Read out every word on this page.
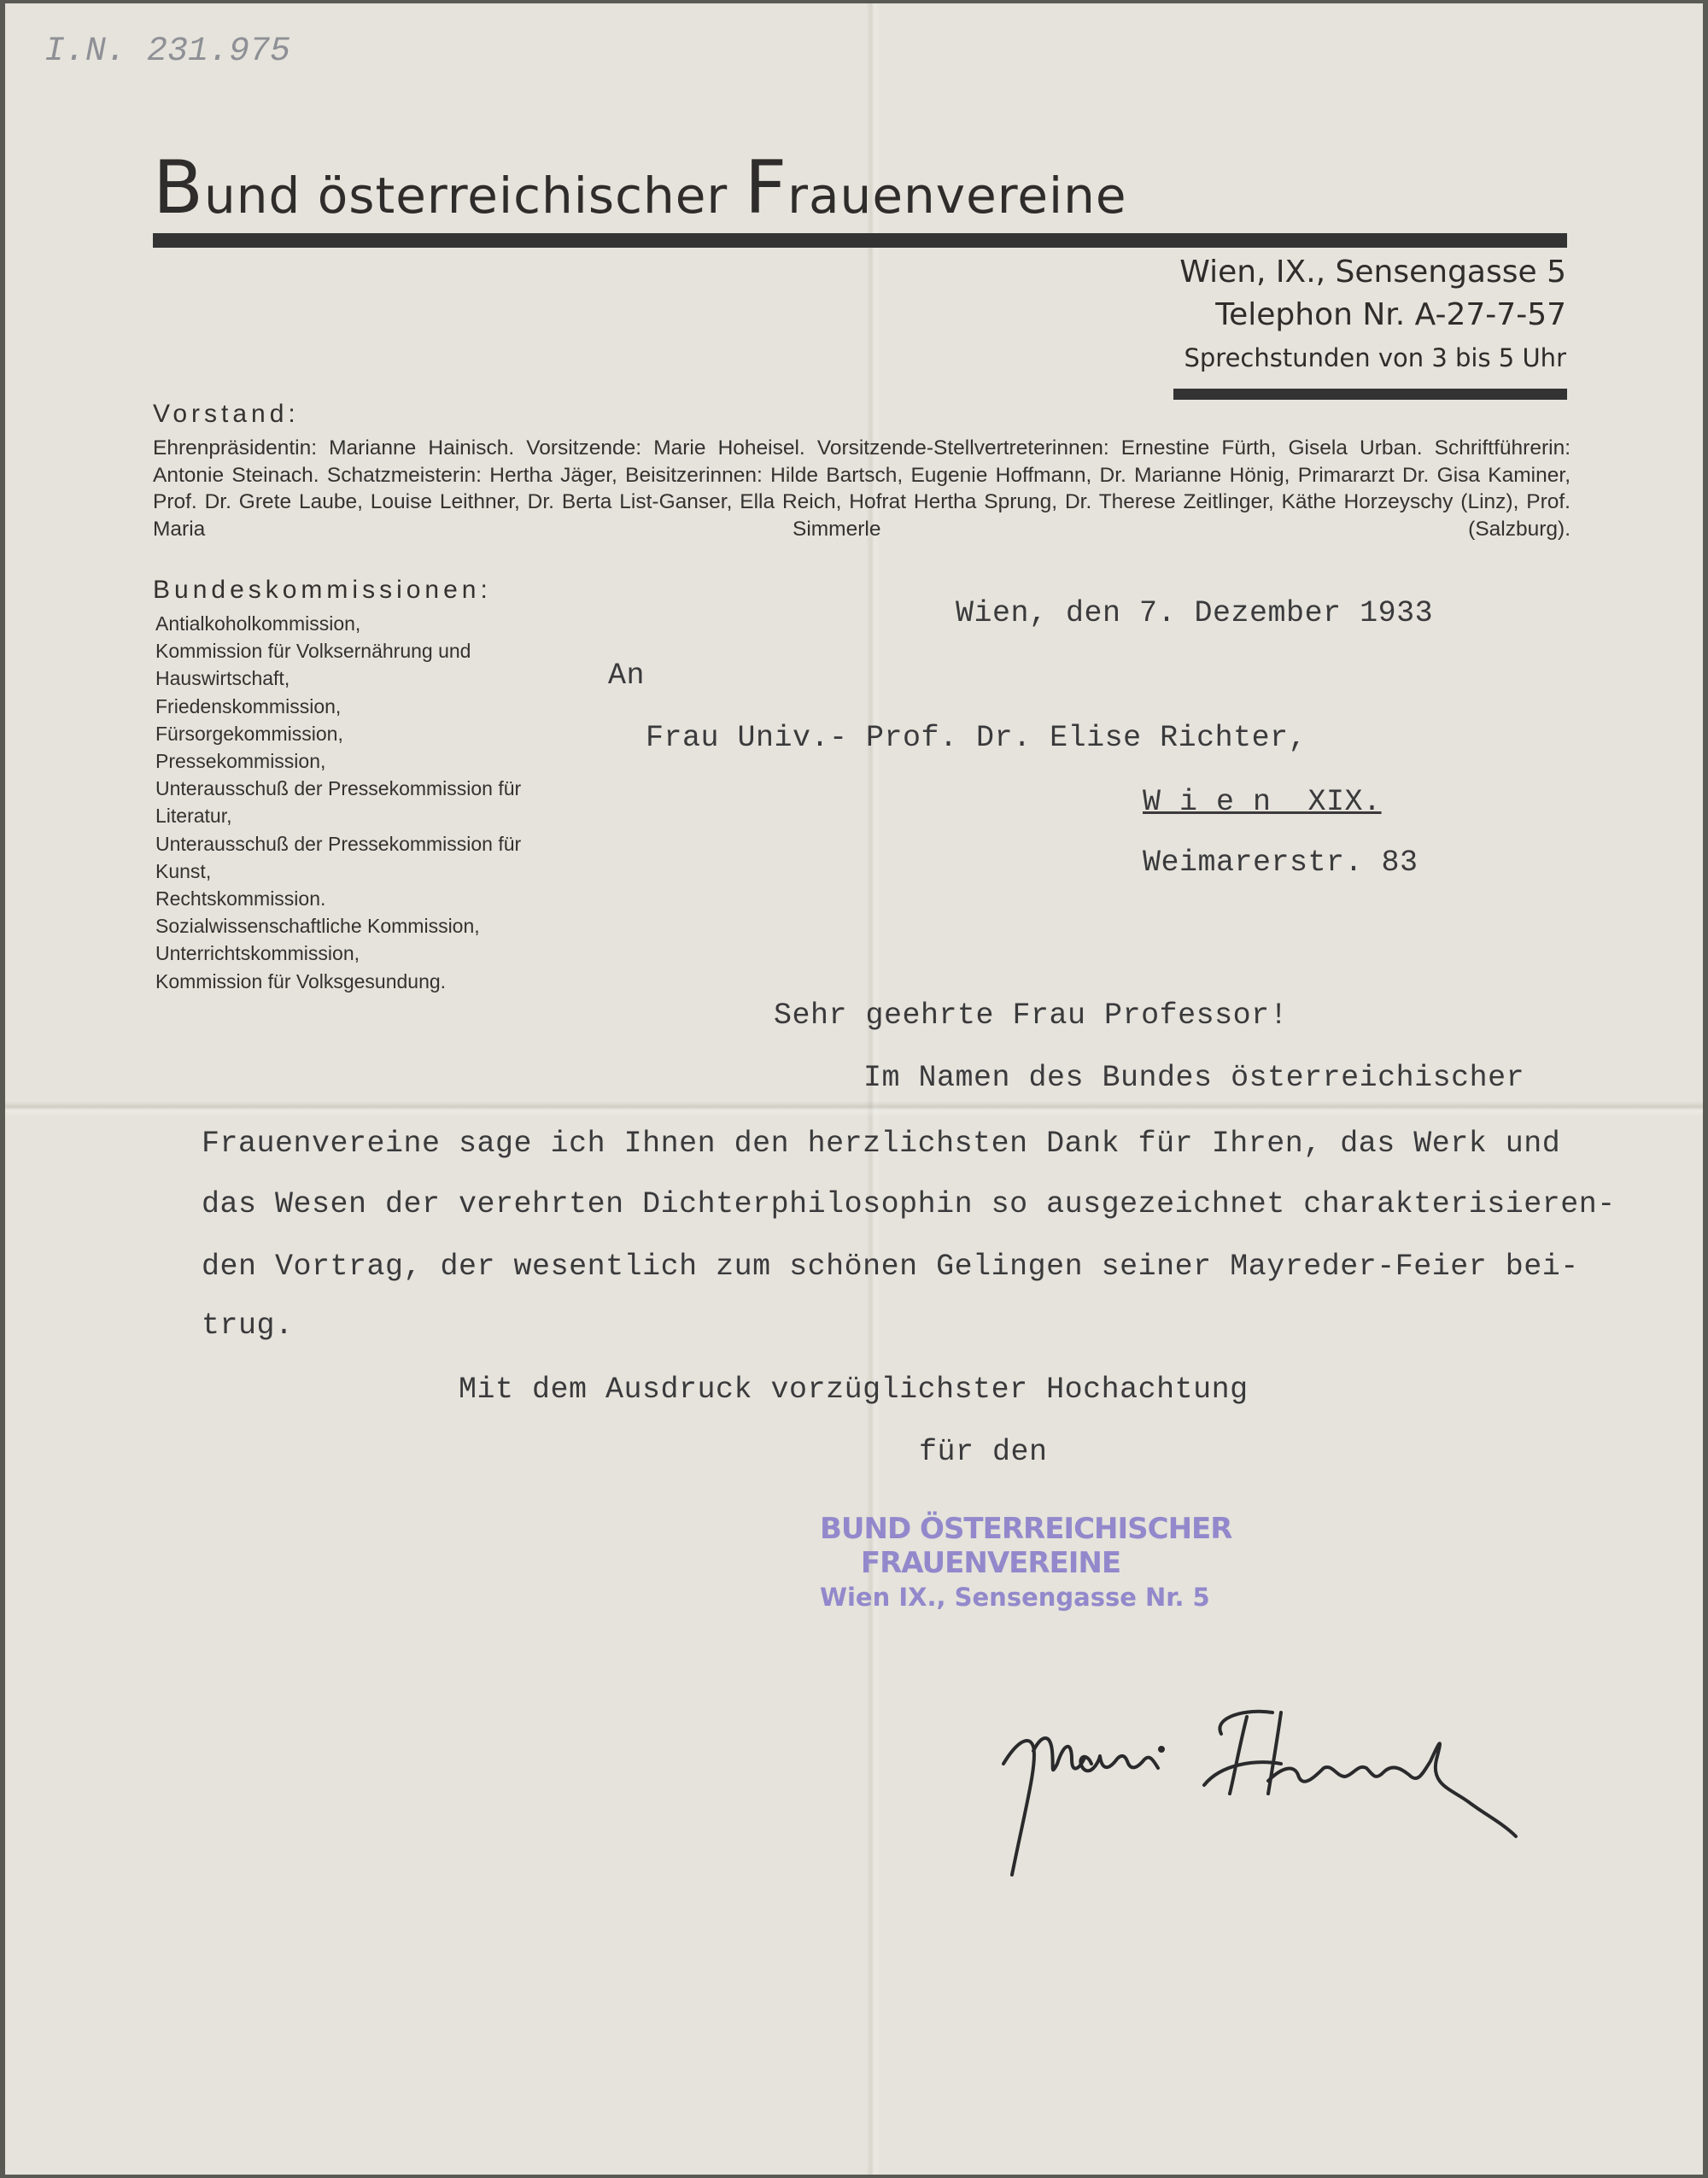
I.N. 231.975
Bund österreichischer Frauenvereine
Wien, IX., Sensengasse 5
Telephon Nr. A-27-7-57
Sprechstunden von 3 bis 5 Uhr
Vorstand:
Ehrenpräsidentin: Marianne Hainisch. Vorsitzende: Marie Hoheisel. Vorsitzende-Stellvertreterinnen: Ernestine Fürth, Gisela Urban. Schriftführerin: Antonie Steinach. Schatzmeisterin: Hertha Jäger, Beisitzerinnen: Hilde Bartsch, Eugenie Hoffmann, Dr. Marianne Hönig, Primararzt Dr. Gisa Kaminer, Prof. Dr. Grete Laube, Louise Leithner, Dr. Berta List-Ganser, Ella Reich, Hofrat Hertha Sprung, Dr. Therese Zeitlinger, Käthe Horzeyschy (Linz), Prof. Maria Simmerle (Salzburg).
Bundeskommissionen:
Antialkoholkommission,
Kommission für Volksernährung und
Hauswirtschaft,
Friedenskommission,
Fürsorgekommission,
Pressekommission,
Unterausschuß der Pressekommission für
Literatur,
Unterausschuß der Pressekommission für
Kunst,
Rechtskommission.
Sozialwissenschaftliche Kommission,
Unterrichtskommission,
Kommission für Volksgesundung.
Wien, den 7. Dezember 1933
An
Frau Univ.- Prof. Dr. Elise Richter,
W i e n  XIX.
Weimarerstr. 83
Sehr geehrte Frau Professor!
Im Namen des Bundes österreichischer
Frauenvereine sage ich Ihnen den herzlichsten Dank für Ihren, das Werk und
das Wesen der verehrten Dichterphilosophin so ausgezeichnet charakterisieren-
den Vortrag, der wesentlich zum schönen Gelingen seiner Mayreder-Feier bei-
trug.
Mit dem Ausdruck vorzüglichster Hochachtung
für den
BUND ÖSTERREICHISCHER
FRAUENVEREINE
Wien IX., Sensengasse Nr. 5
